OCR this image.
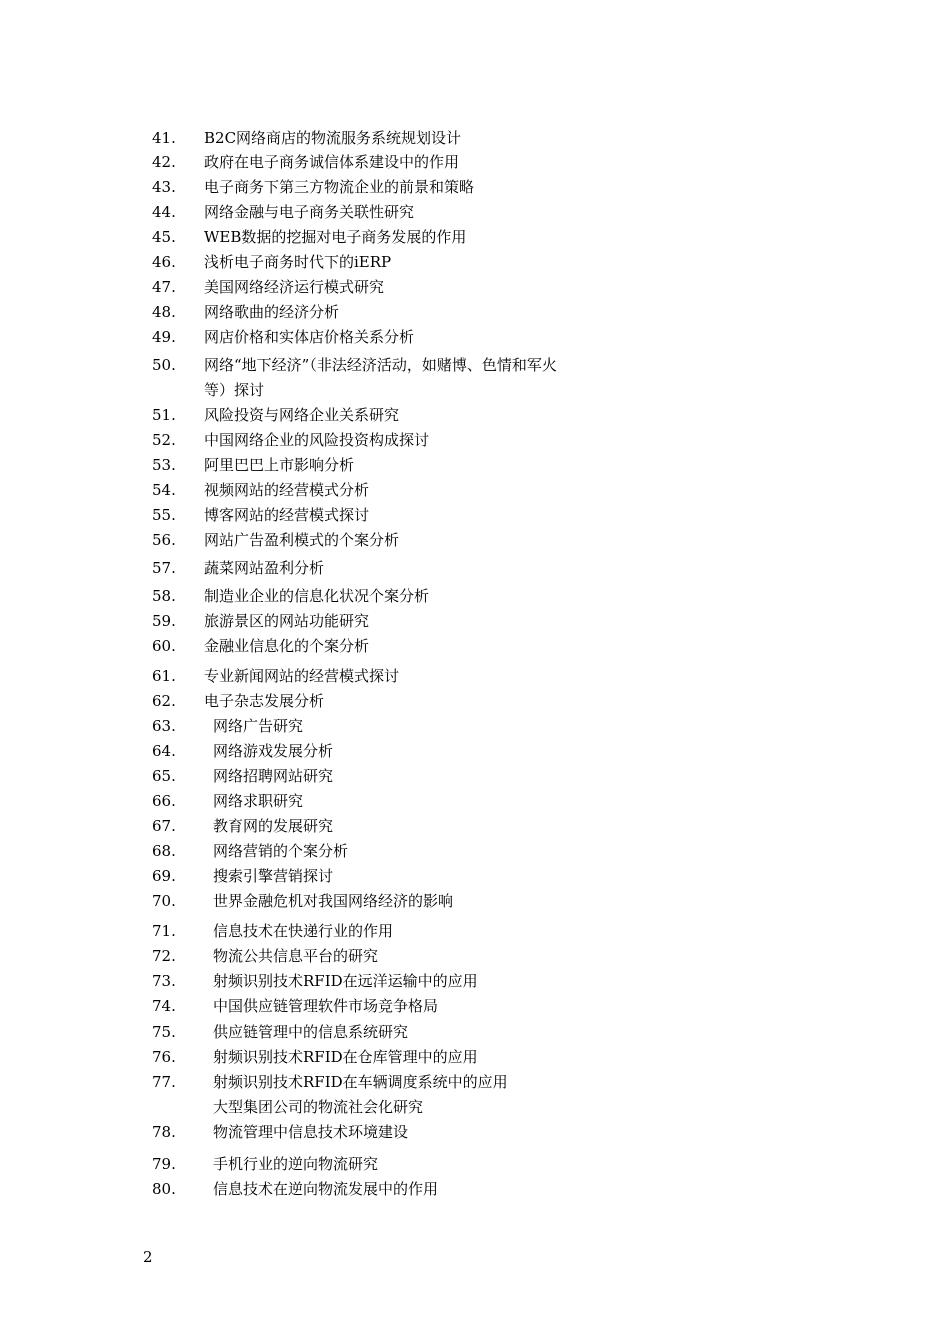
41.	B2C网络商店的物流服务系统规划设计
42.	政府在电子商务诚信体系建设中的作用
43.	电子商务下第三方物流企业的前景和策略
44.	网络金融与电子商务关联性研究
45.	WEB数据的挖掘对电子商务发展的作用
46.	浅析电子商务时代下的iERP
47.	美国网络经济运行模式研究
48.	网络歌曲的经济分析
49.	网店价格和实体店价格关系分析
50.	网络“地下经济”（非法经济活动，如赌博、色情和军火
等）探讨
51.	风险投资与网络企业关系研究
52.	中国网络企业的风险投资构成探讨
53.	阿里巴巴上市影响分析
54.	视频网站的经营模式分析
55.	博客网站的经营模式探讨
56.	网站广告盈利模式的个案分析
57.	蔬菜网站盈利分析
58.	制造业企业的信息化状况个案分析
59.	旅游景区的网站功能研究
60.	金融业信息化的个案分析
61.	专业新闻网站的经营模式探讨
62.	电子杂志发展分析
63.	网络广告研究
64.	网络游戏发展分析
65.	网络招聘网站研究
66.	网络求职研究
67.	教育网的发展研究
68.	网络营销的个案分析
69.	搜索引擎营销探讨
70.	世界金融危机对我国网络经济的影响
71.	信息技术在快递行业的作用
72.	物流公共信息平台的研究
73.	射频识别技术RFID在远洋运输中的应用
74.	中国供应链管理软件市场竞争格局
75.	供应链管理中的信息系统研究
76.	射频识别技术RFID在仓库管理中的应用
77.	射频识别技术RFID在车辆调度系统中的应用
大型集团公司的物流社会化研究
78.	物流管理中信息技术环境建设
79.	手机行业的逆向物流研究
80.	信息技术在逆向物流发展中的作用
2
